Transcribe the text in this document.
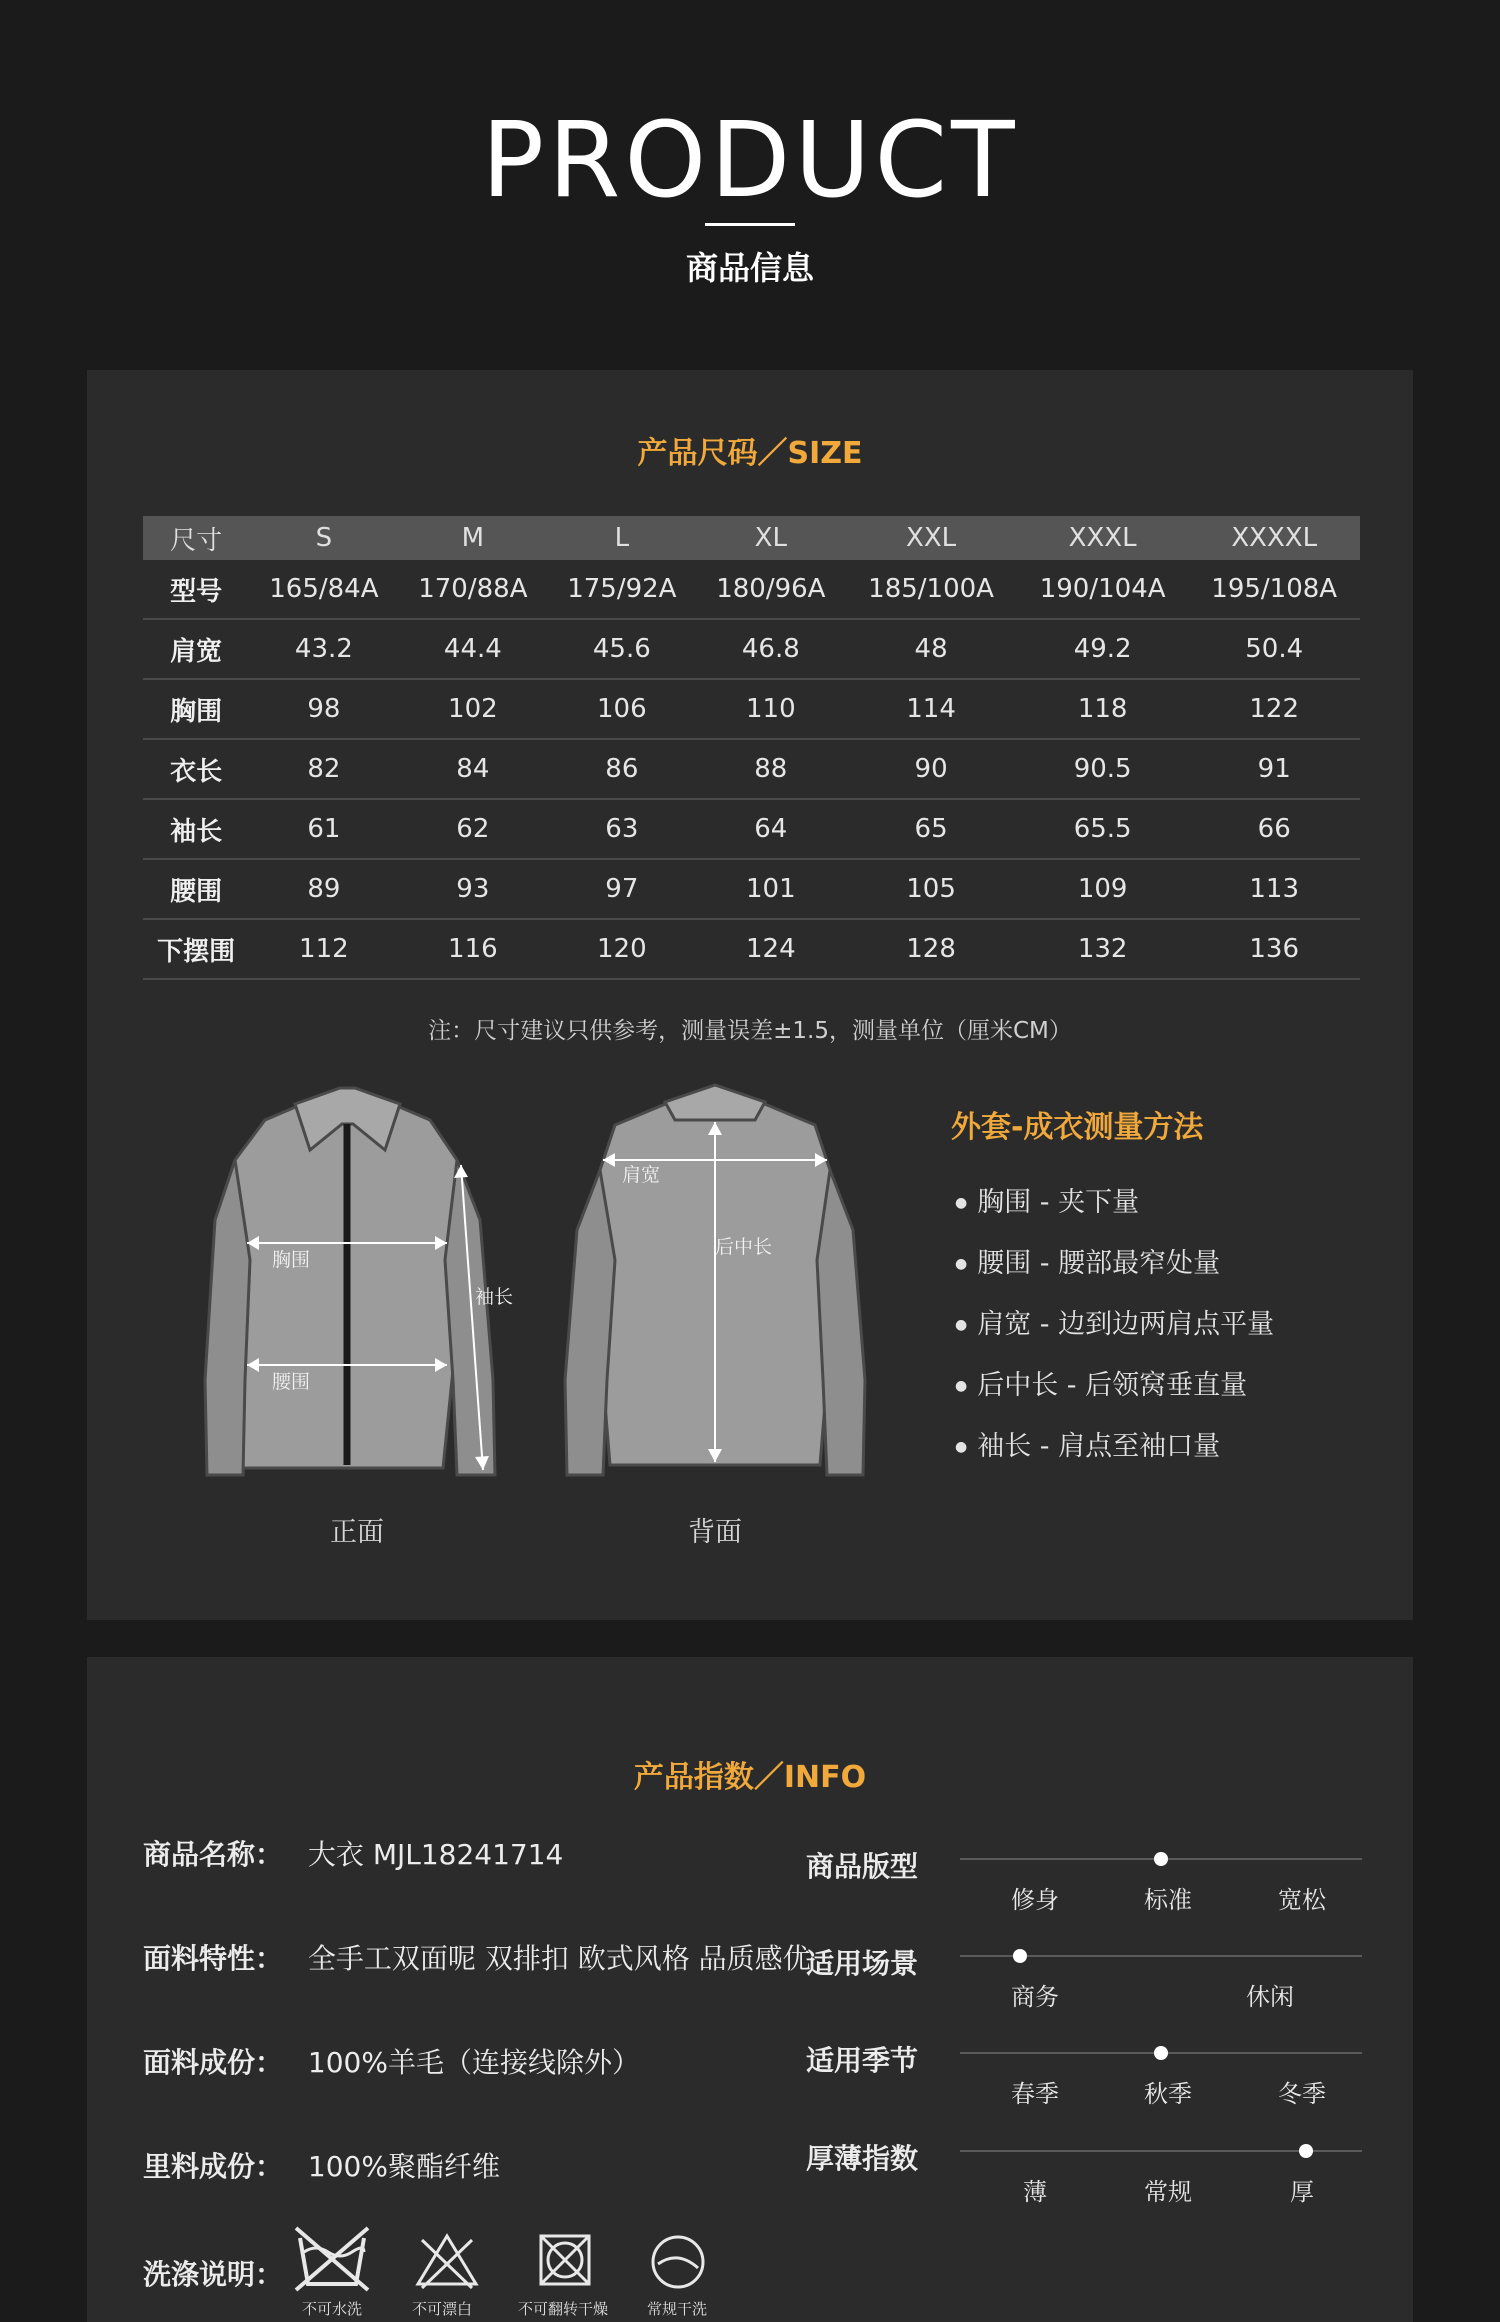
PRODUCT
商品信息
产品尺码／SIZE
尺寸	S	M	L	XL	XXL	XXXL	XXXXL
型号	165/84A	170/88A	175/92A	180/96A	185/100A	190/104A	195/108A
肩宽	43.2	44.4	45.6	46.8	48	49.2	50.4
胸围	98	102	106	110	114	118	122
衣长	82	84	86	88	90	90.5	91
袖长	61	62	63	64	65	65.5	66
腰围	89	93	97	101	105	109	113
下摆围	112	116	120	124	128	132	136
注：尺寸建议只供参考，测量误差±1.5，测量单位（厘米CM）
胸围
腰围
袖长
正面
肩宽
后中长
背面
外套-成衣测量方法
● 胸围 - 夹下量
● 腰围 - 腰部最窄处量
● 肩宽 - 边到边两肩点平量
● 后中长 - 后领窝垂直量
● 袖长 - 肩点至袖口量
产品指数／INFO
商品名称： 大衣 MJL18241714
面料特性： 全手工双面呢 双排扣 欧式风格 品质感优
面料成份： 100%羊毛（连接线除外）
里料成份： 100%聚酯纤维
洗涤说明：
不可水洗	不可漂白	不可翻转干燥	常规干洗
商品版型
修身	标准	宽松
适用场景
商务	休闲
适用季节
春季	秋季	冬季
厚薄指数
薄	常规	厚
